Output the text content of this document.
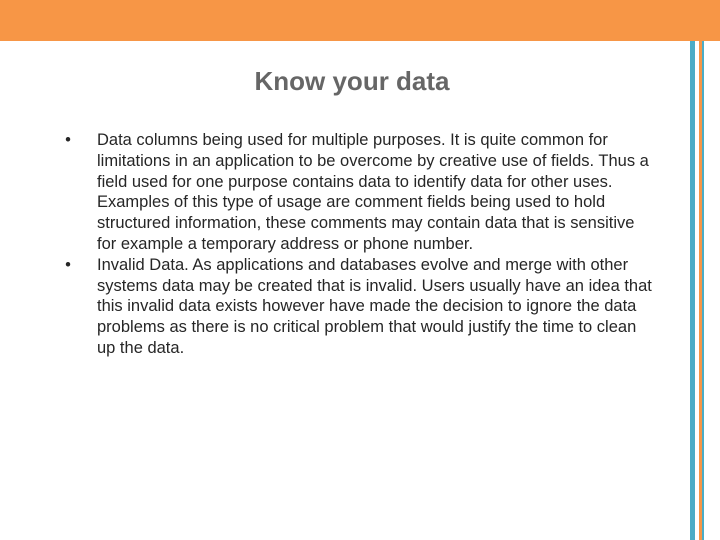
Know your data
•	Data columns being used for multiple purposes. It is quite common for limitations in an application to be overcome by creative use of fields. Thus a field used for one purpose contains data to identify data for other uses. Examples of this type of usage are comment fields being used to hold structured information, these comments may contain data that is sensitive for example a temporary address or phone number.
•	Invalid Data. As applications and databases evolve and merge with other systems data may be created that is invalid. Users usually have an idea that this invalid data exists however have made the decision to ignore the data problems as there is no critical problem that would justify the time to clean up the data.
